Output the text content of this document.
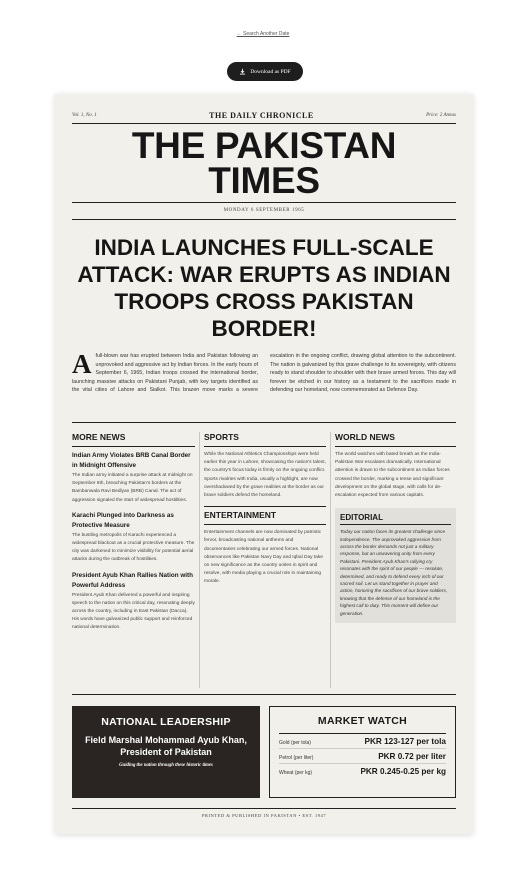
← Search Another Date
Download as PDF
Vol. 1, No. 1	THE DAILY CHRONICLE	Price: 2 Annas
THE PAKISTAN
TIMES
MONDAY 6 SEPTEMBER 1965
INDIA LAUNCHES FULL-SCALE ATTACK: WAR ERUPTS AS INDIAN TROOPS CROSS PAKISTAN BORDER!
Afull-blown war has erupted between India and Pakistan following an unprovoked and aggressive act by Indian forces. In the early hours of September 6, 1965, Indian troops crossed the international border, launching massive attacks on Pakistani Punjab, with key targets identified as the vital cities of Lahore and Sialkot. This brazen move marks a severe escalation in the ongoing conflict, drawing global attention to the subcontinent. The nation is galvanized by this grave challenge to its sovereignty, with citizens ready to stand shoulder to shoulder with their brave armed forces. This day will forever be etched in our history as a testament to the sacrifices made in defending our homeland, now commemorated as Defence Day.
MORE NEWS
Indian Army Violates BRB Canal Border in Midnight Offensive
The Indian army initiated a surprise attack at midnight on September 6th, breaching Pakistan's borders at the Bambanwala Ravi Bedlyan (BRB) Canal. The act of aggression signaled the start of widespread hostilities.
Karachi Plunged into Darkness as Protective Measure
The bustling metropolis of Karachi experienced a widespread blackout as a crucial protective measure. The city was darkened to minimize visibility for potential aerial attacks during the outbreak of hostilities.
President Ayub Khan Rallies Nation with Powerful Address
President Ayub Khan delivered a powerful and inspiring speech to the nation on this critical day, resonating deeply across the country, including in East Pakistan (Dacca). His words have galvanized public support and reinforced national determination.
SPORTS
While the National Athletics Championships were held earlier this year in Lahore, showcasing the nation's talent, the country's focus today is firmly on the ongoing conflict. Sports rivalries with India, usually a highlight, are now overshadowed by the grave realities at the border as our brave soldiers defend the homeland.
ENTERTAINMENT
Entertainment channels are now dominated by patriotic fervor, broadcasting national anthems and documentaries celebrating our armed forces. National observances like Pakistan Navy Day and Iqbal Day take on new significance as the country unites in spirit and resolve, with media playing a crucial role in maintaining morale.
WORLD NEWS
The world watches with bated breath as the India-Pakistan War escalates dramatically. International attention is drawn to the subcontinent as Indian forces crossed the border, marking a tense and significant development on the global stage, with calls for de-escalation expected from various capitals.
EDITORIAL
Today our nation faces its greatest challenge since independence. The unprovoked aggression from across the border demands not just a military response, but an unwavering unity from every Pakistani. President Ayub Khan's rallying cry resonates with the spirit of our people — resolute, determined, and ready to defend every inch of our sacred soil. Let us stand together in prayer and action, honoring the sacrifices of our brave soldiers, knowing that the defense of our homeland is the highest call to duty. This moment will define our generation.
NATIONAL LEADERSHIP
Field Marshal Mohammad Ayub Khan, President of Pakistan
Guiding the nation through these historic times
MARKET WATCH
Gold (per tola)	PKR 123-127 per tola
Petrol (per liter)	PKR 0.72 per liter
Wheat (per kg)	PKR 0.245-0.25 per kg
PRINTED & PUBLISHED IN PAKISTAN • EST. 1947
